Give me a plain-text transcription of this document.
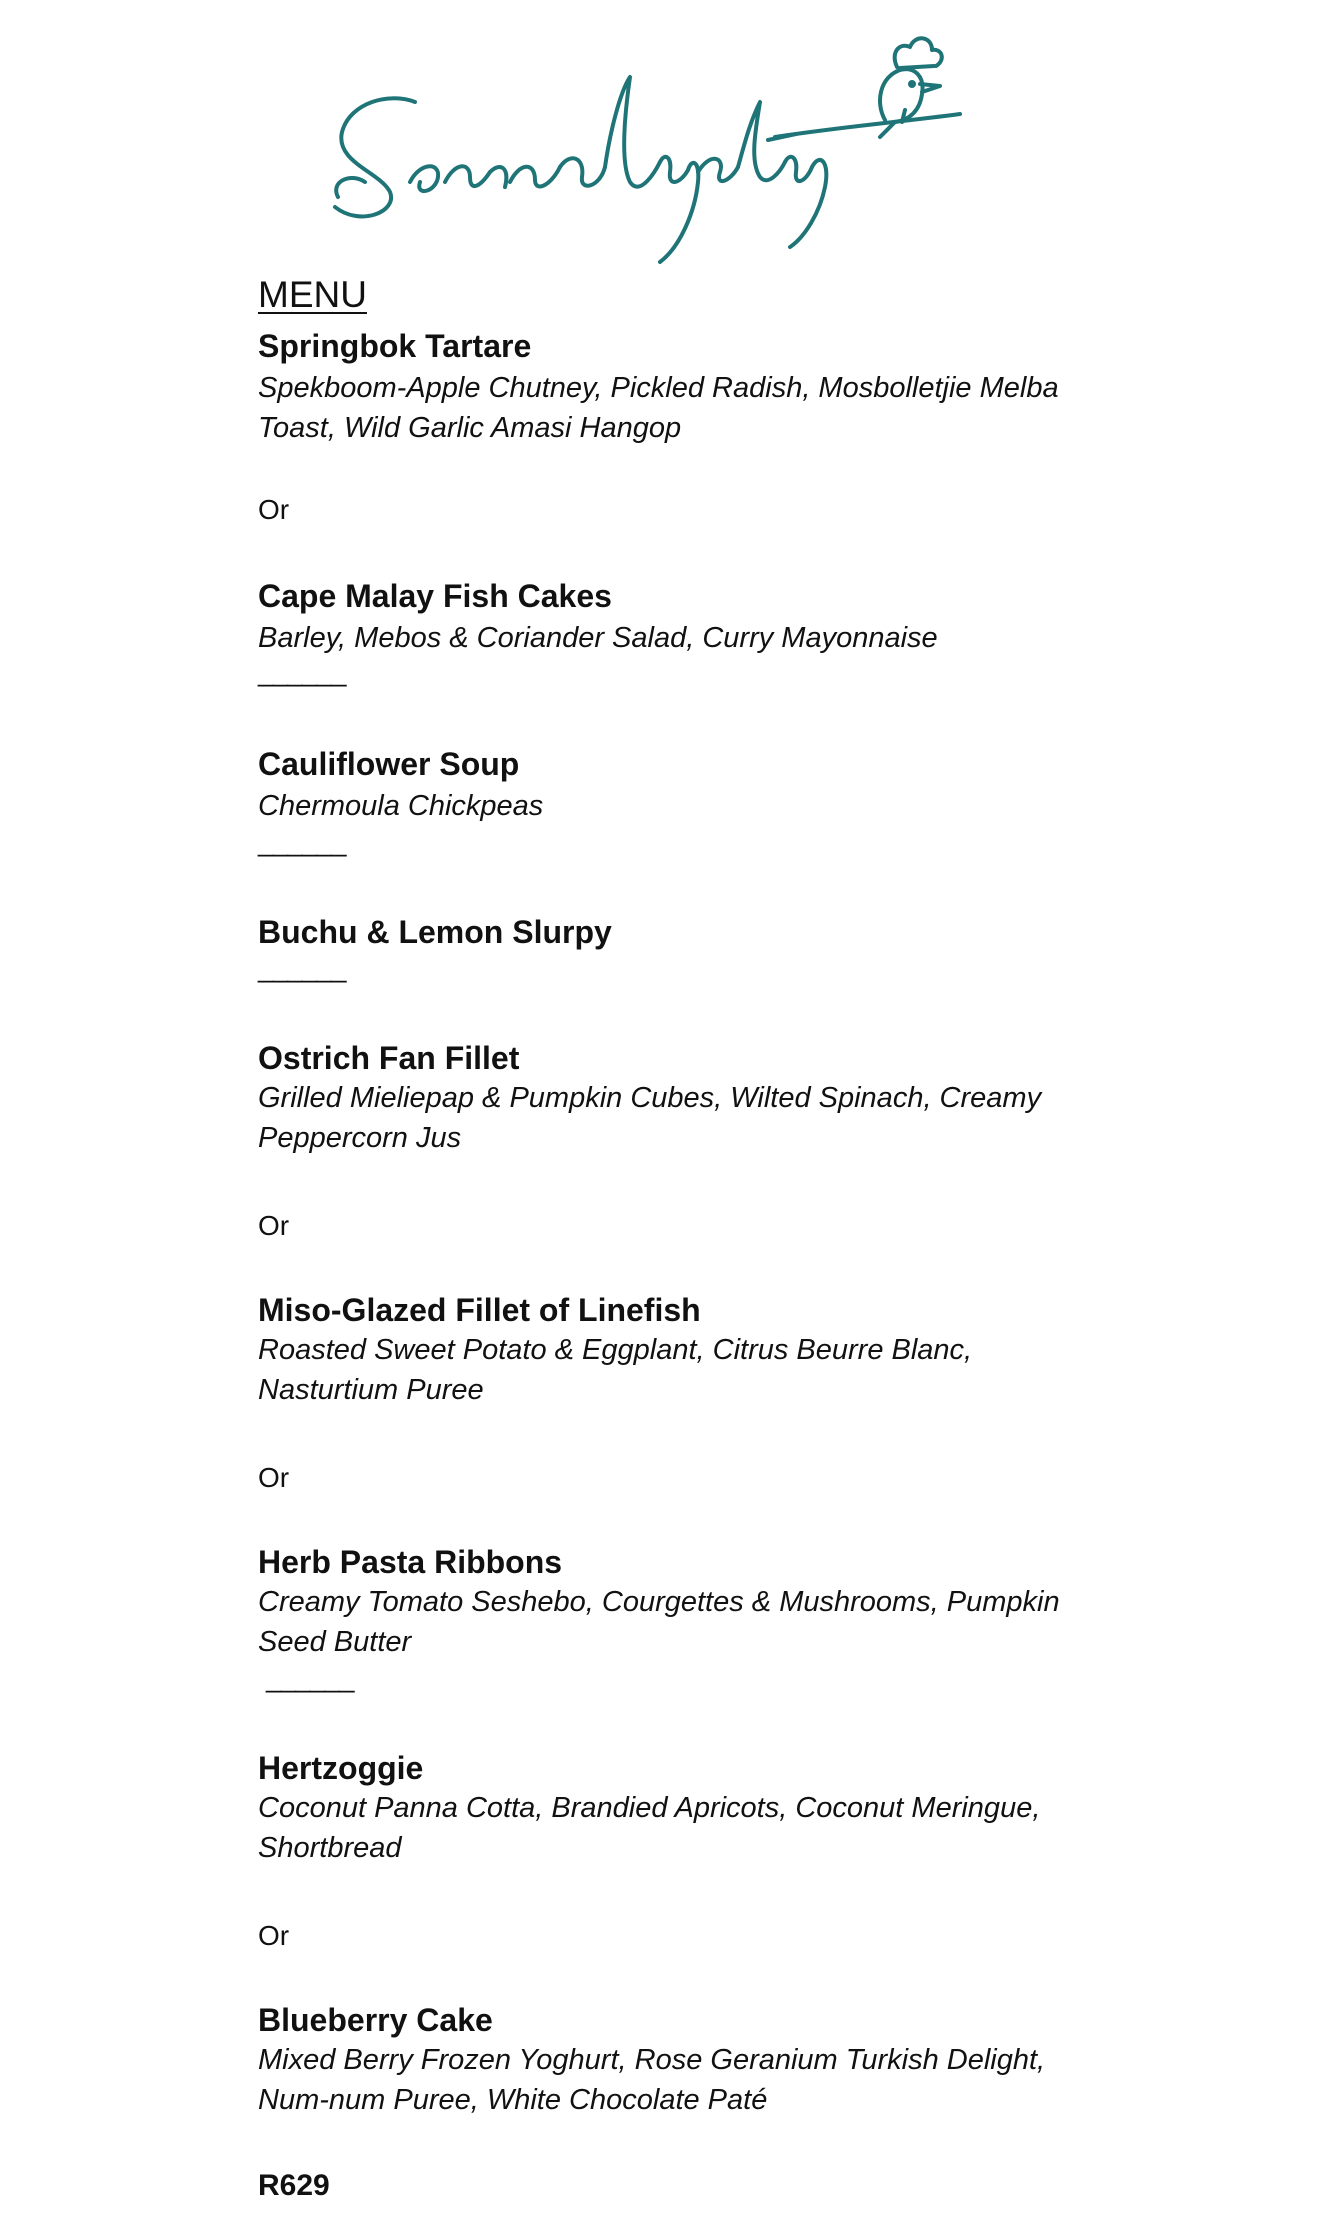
MENU
Springbok Tartare
Spekboom-Apple Chutney, Pickled Radish, Mosbolletjie Melba
Toast, Wild Garlic Amasi Hangop
Or
Cape Malay Fish Cakes
Barley, Mebos & Coriander Salad, Curry Mayonnaise
______
Cauliflower Soup
Chermoula Chickpeas
______
Buchu & Lemon Slurpy
______
Ostrich Fan Fillet
Grilled Mieliepap & Pumpkin Cubes, Wilted Spinach, Creamy
Peppercorn Jus
Or
Miso-Glazed Fillet of Linefish
Roasted Sweet Potato & Eggplant, Citrus Beurre Blanc,
Nasturtium Puree
Or
Herb Pasta Ribbons
Creamy Tomato Seshebo, Courgettes & Mushrooms, Pumpkin
Seed Butter
______
Hertzoggie
Coconut Panna Cotta, Brandied Apricots, Coconut Meringue,
Shortbread
Or
Blueberry Cake
Mixed Berry Frozen Yoghurt, Rose Geranium Turkish Delight,
Num-num Puree, White Chocolate Paté
R629
